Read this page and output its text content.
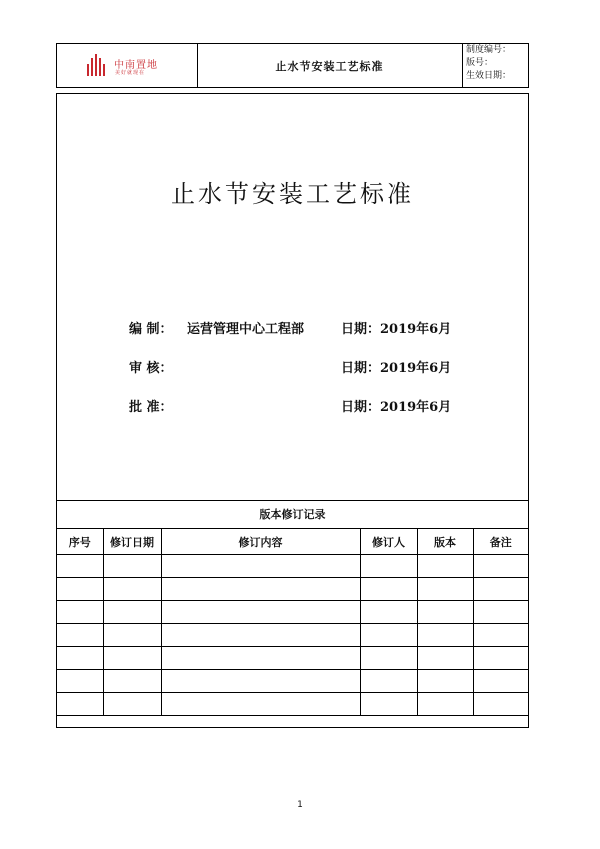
中南置地
美好就现在
止水节安装工艺标准
制度编号：
版号：
生效日期：
止水节安装工艺标准
编 制： 运营管理中心工程部	日期：2019年6月
审 核：	日期：2019年6月
批 准：	日期：2019年6月
版本修订记录
序号	修订日期	修订内容	修订人	版本	备注

1
